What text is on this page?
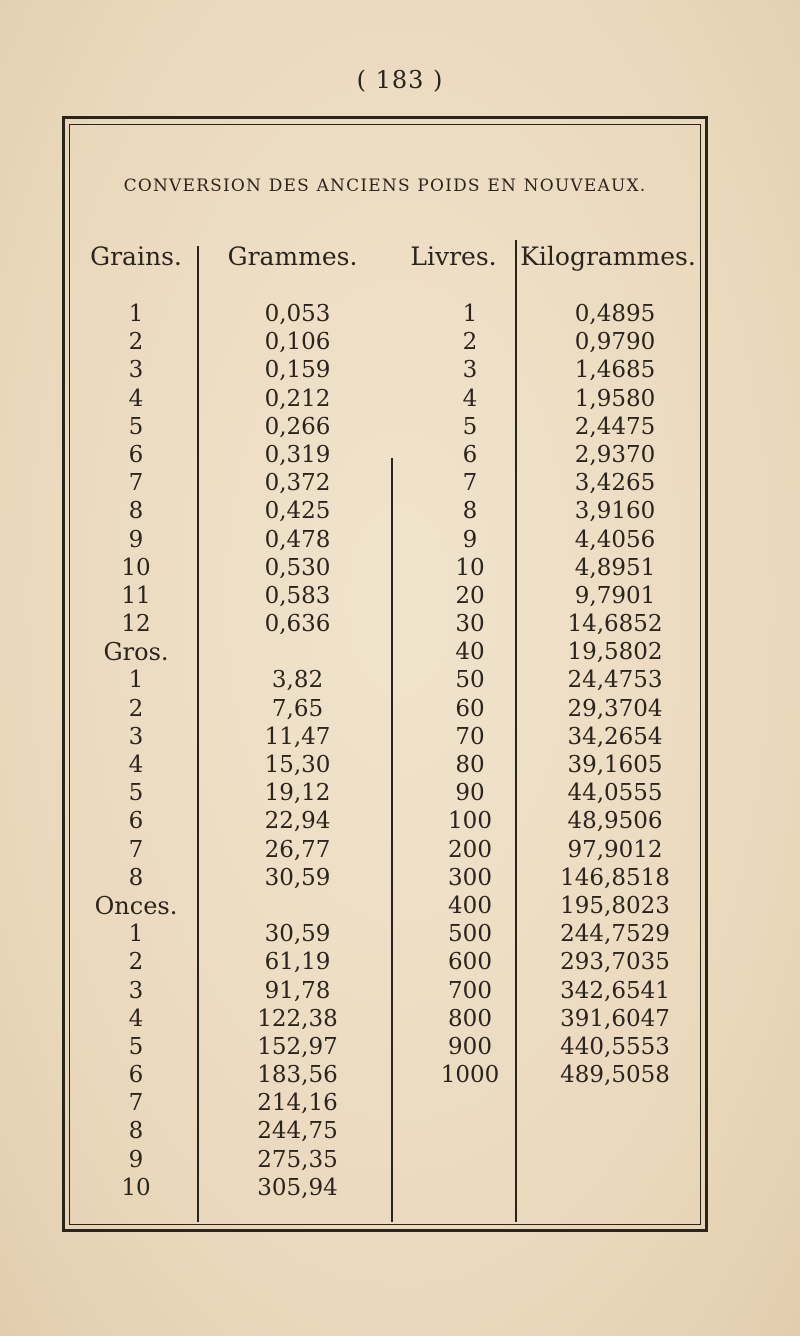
( 183 )
CONVERSION DES ANCIENS POIDS EN NOUVEAUX.
Grains.	Grammes.	Livres. Kilogrammes.
1
2
3
4
5
6
7
8
9
10
11
12
Gros.
1
2
3
4
5
6
7
8
Onces.
1
2
3
4
5
6
7
8
9
10
0,053
0,106
0,159
0,212
0,266
0,319
0,372
0,425
0,478
0,530
0,583
0,636
3,82
7,65
11,47
15,30
19,12
22,94
26,77
30,59
30,59
61,19
91,78
122,38
152,97
183,56
214,16
244,75
275,35
305,94
1
2
3
4
5
6
7
8
9
10
20
30
40
50
60
70
80
90
100
200
300
400
500
600
700
800
900
1000
0,4895
0,9790
1,4685
1,9580
2,4475
2,9370
3,4265
3,9160
4,4056
4,8951
9,7901
14,6852
19,5802
24,4753
29,3704
34,2654
39,1605
44,0555
48,9506
97,9012
146,8518
195,8023
244,7529
293,7035
342,6541
391,6047
440,5553
489,5058
